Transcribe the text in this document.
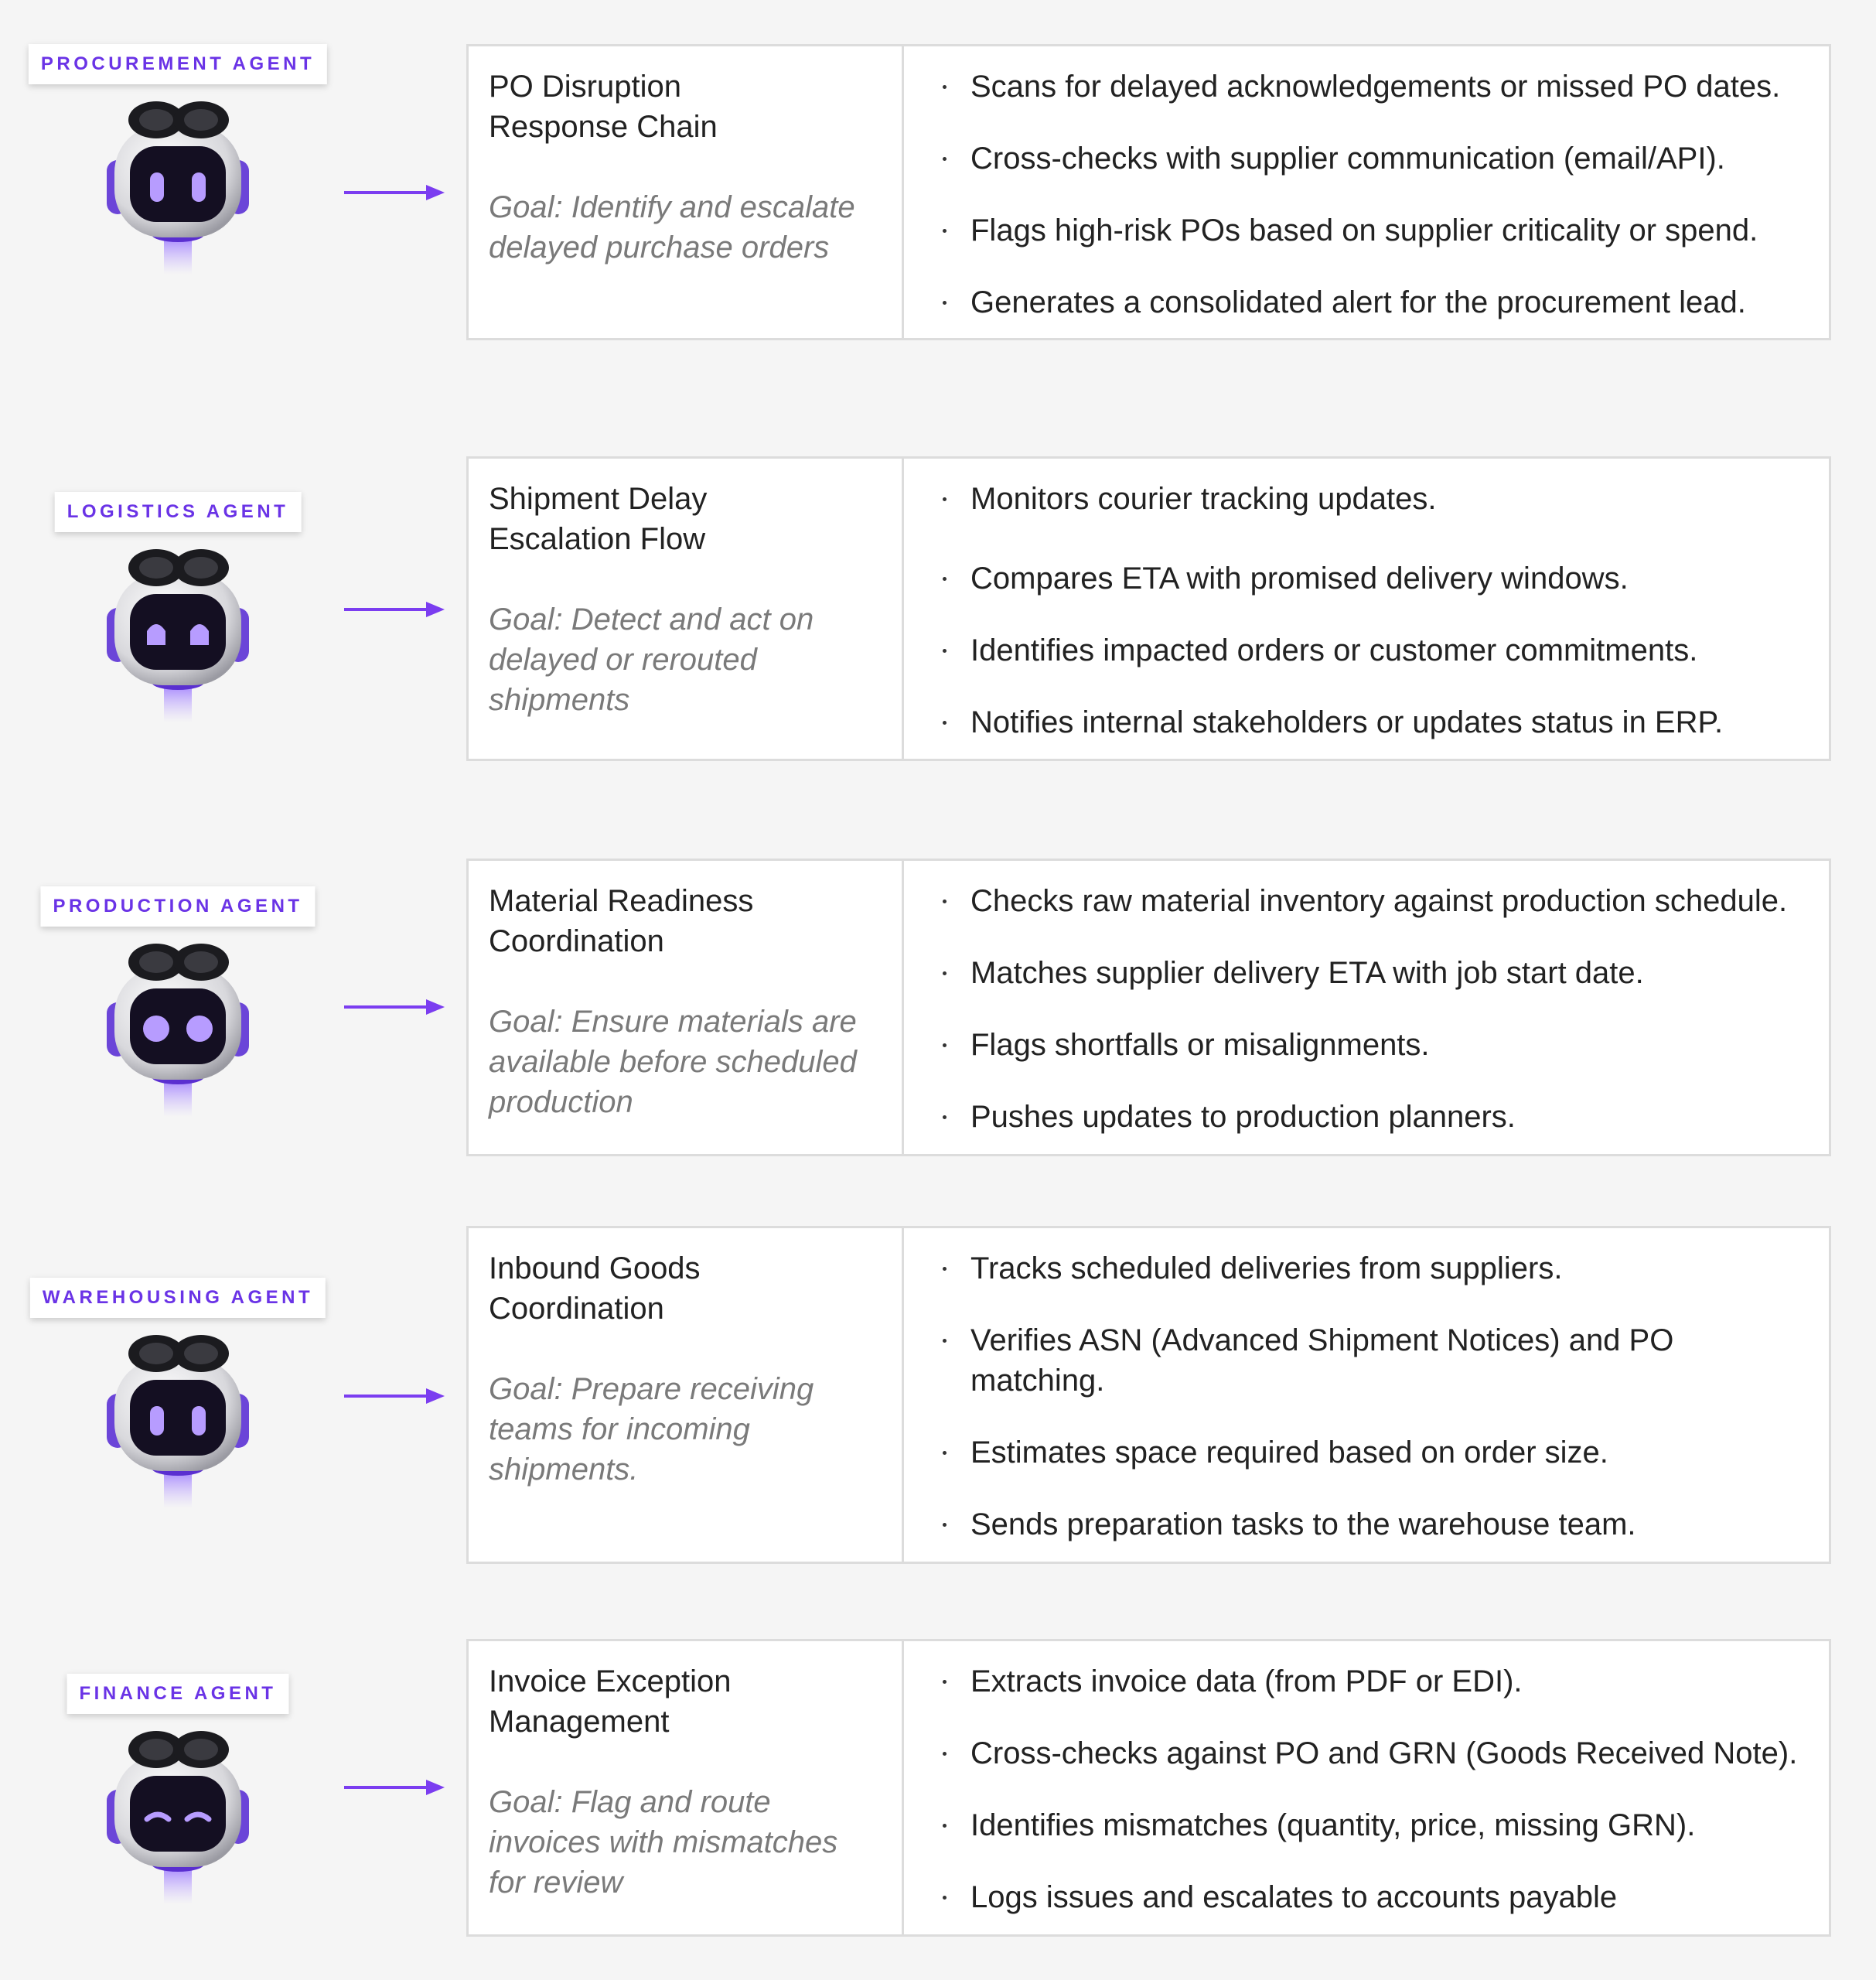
PROCUREMENT AGENT
PO Disruption
Response Chain
Goal: Identify and escalate delayed purchase orders
Scans for delayed acknowledgements or missed PO dates.
Cross-checks with supplier communication (email/API).
Flags high-risk POs based on supplier criticality or spend.
Generates a consolidated alert for the procurement lead.
LOGISTICS AGENT	Shipment Delay
Escalation Flow
Goal: Detect and act on delayed or rerouted shipments
Monitors courier tracking updates.
Compares ETA with promised delivery windows.
Identifies impacted orders or customer commitments.
Notifies internal stakeholders or updates status in ERP.
PRODUCTION AGENT	Material Readiness
Coordination
Goal: Ensure materials are available before scheduled production
Checks raw material inventory against production schedule.
Matches supplier delivery ETA with job start date.
Flags shortfalls or misalignments.
Pushes updates to production planners.
WAREHOUSING AGENT
Inbound Goods
Coordination
Goal: Prepare receiving teams for incoming shipments.
Tracks scheduled deliveries from suppliers.
Verifies ASN (Advanced Shipment Notices) and PO matching.
Estimates space required based on order size.
Sends preparation tasks to the warehouse team.
FINANCE AGENT	Invoice Exception
Management
Goal: Flag and route invoices with mismatches for review
Extracts invoice data (from PDF or EDI).
Cross-checks against PO and GRN (Goods Received Note).
Identifies mismatches (quantity, price, missing GRN).
Logs issues and escalates to accounts payable
